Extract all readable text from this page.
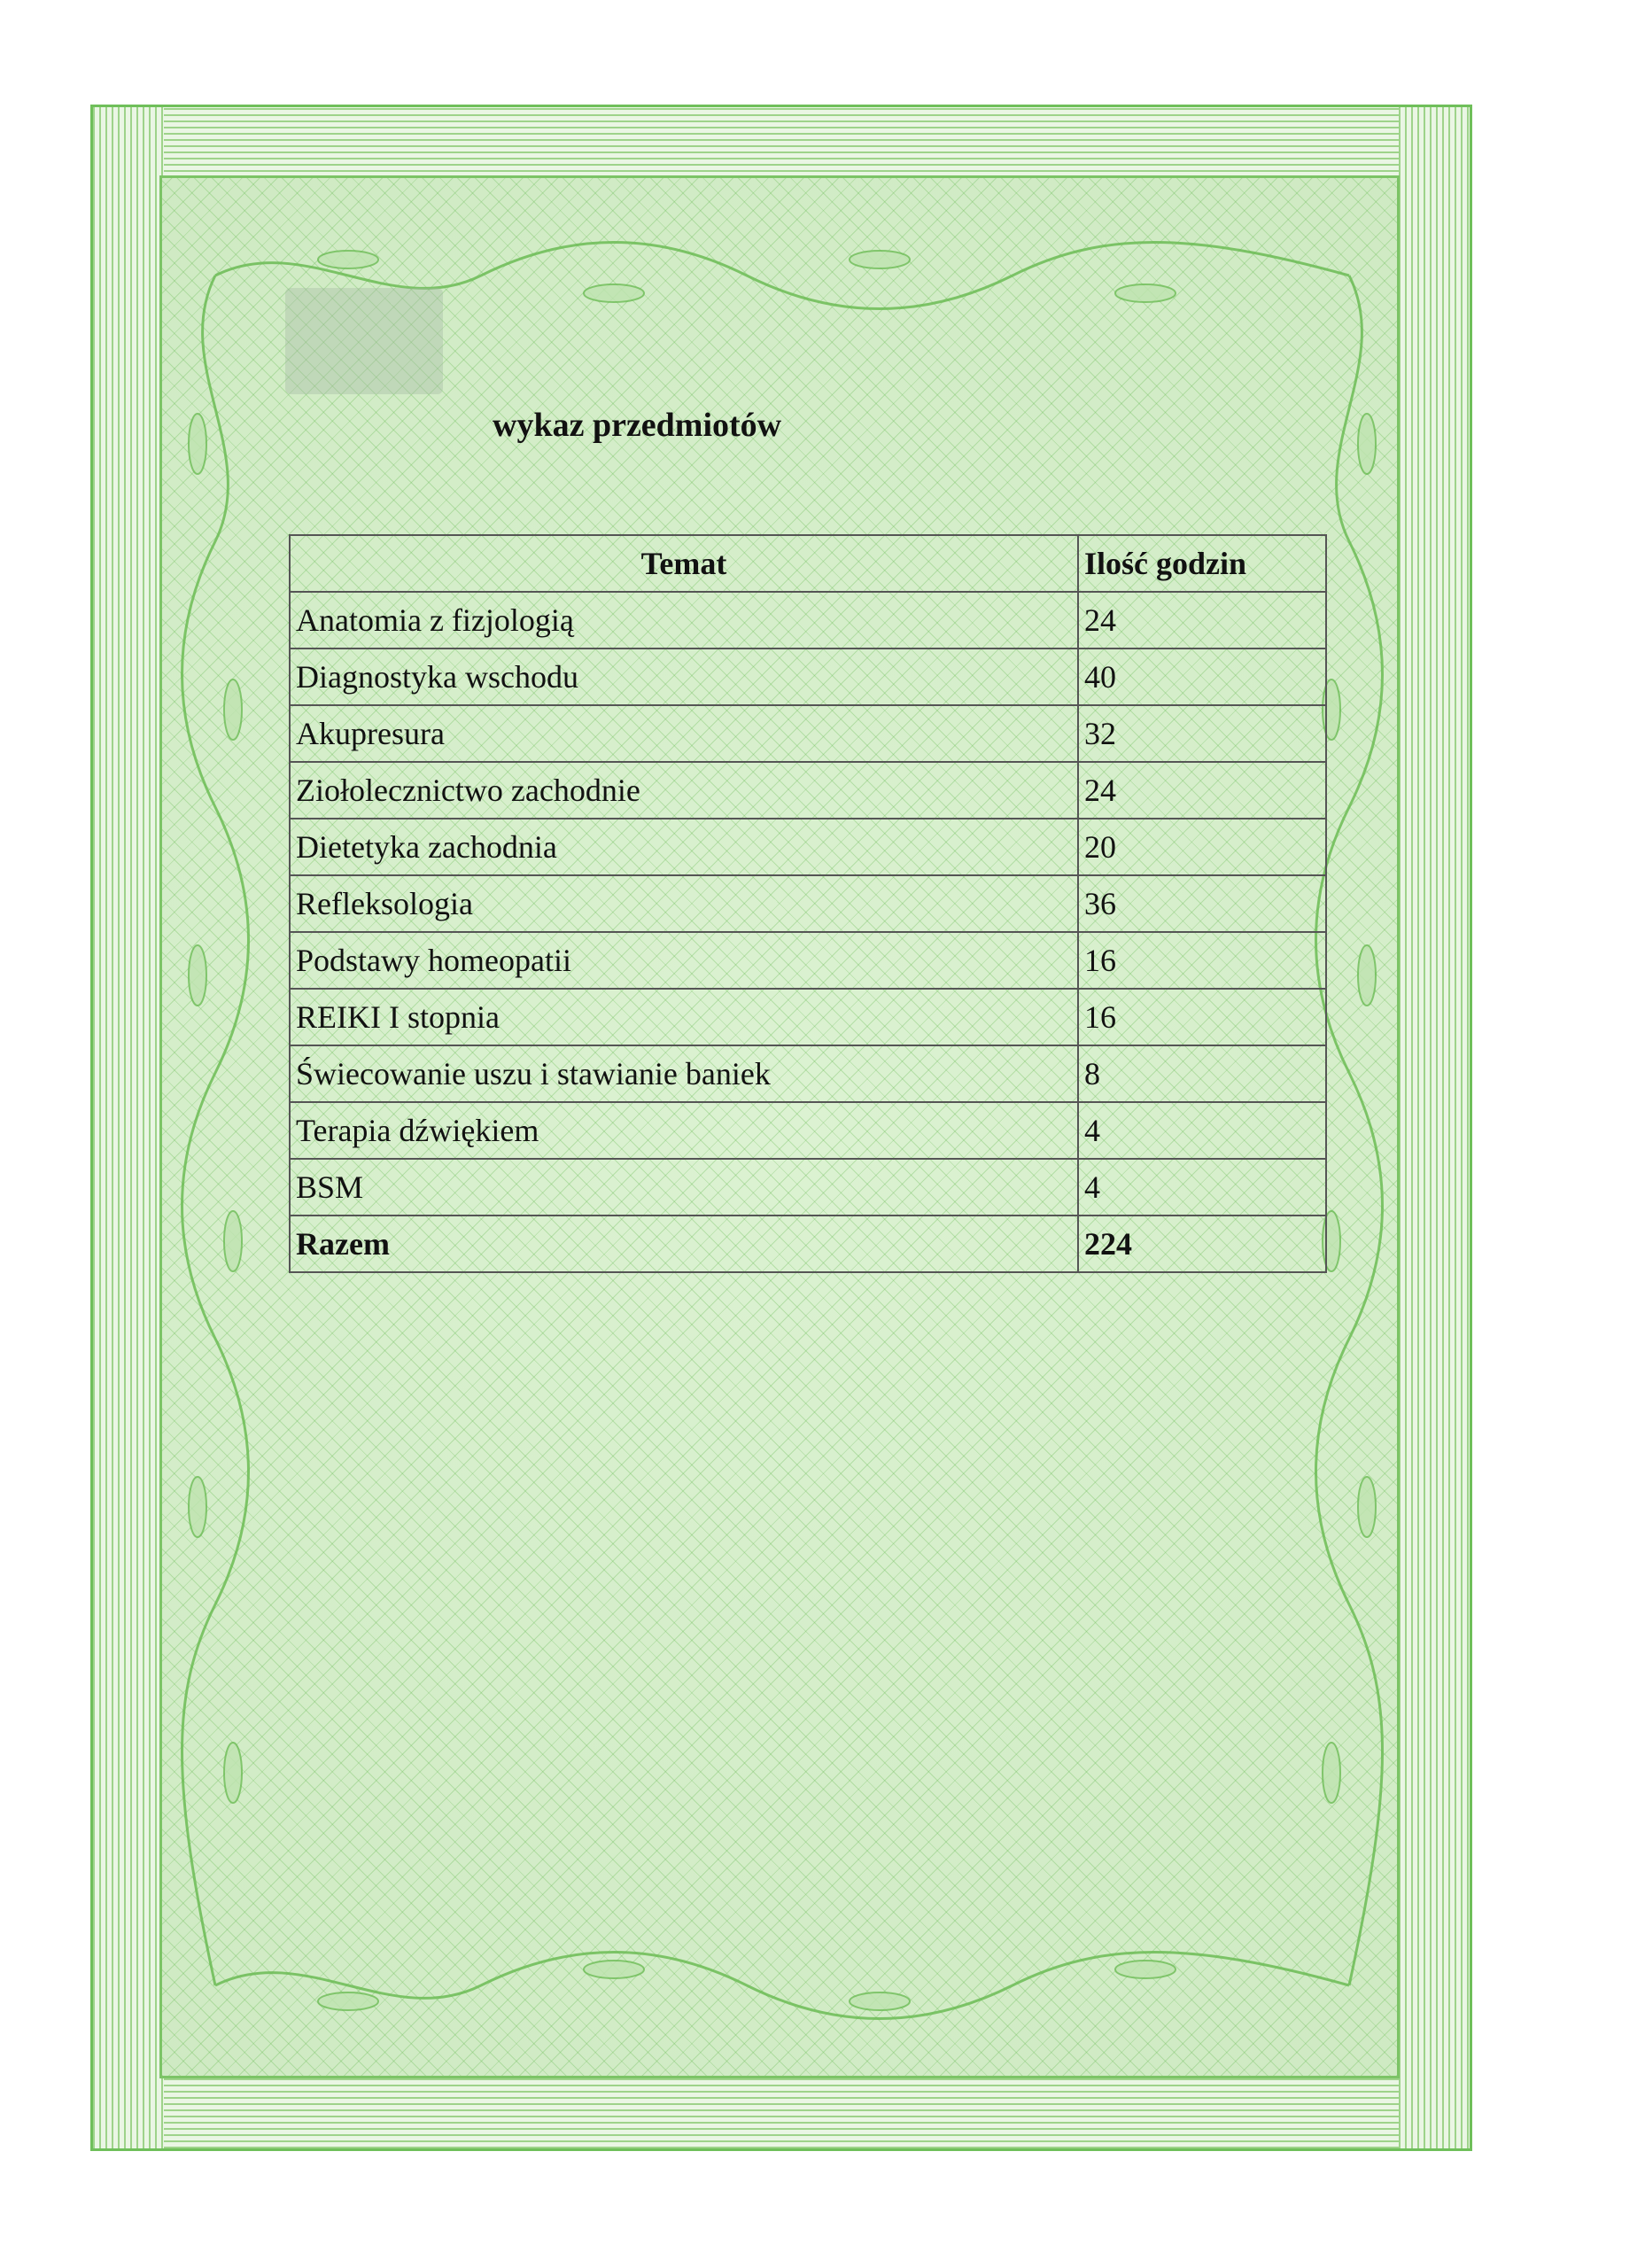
wykaz przedmiotów
Temat	Ilość godzin
Anatomia z fizjologią	24
Diagnostyka wschodu	40
Akupresura	32
Ziołolecznictwo zachodnie	24
Dietetyka zachodnia	20
Refleksologia	36
Podstawy homeopatii	16
REIKI I stopnia	16
Świecowanie uszu i stawianie baniek	8
Terapia dźwiękiem	4
BSM	4
Razem	224
